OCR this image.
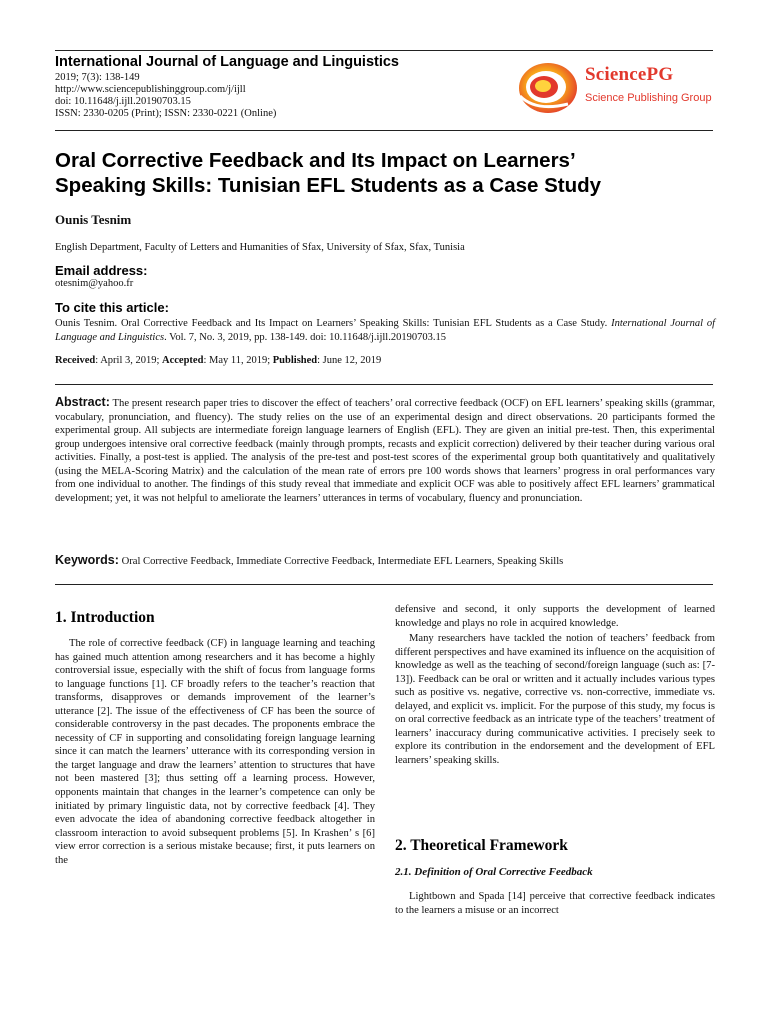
International Journal of Language and Linguistics
2019; 7(3): 138-149
http://www.sciencepublishinggroup.com/j/ijll
doi: 10.11648/j.ijll.20190703.15
ISSN: 2330-0205 (Print); ISSN: 2330-0221 (Online)
SciencePG
Science Publishing Group
Oral Corrective Feedback and Its Impact on Learners’
Speaking Skills: Tunisian EFL Students as a Case Study
Ounis Tesnim
English Department, Faculty of Letters and Humanities of Sfax, University of Sfax, Sfax, Tunisia
Email address:
otesnim@yahoo.fr
To cite this article:
Ounis Tesnim. Oral Corrective Feedback and Its Impact on Learners’ Speaking Skills: Tunisian EFL Students as a Case Study. International Journal of Language and Linguistics. Vol. 7, No. 3, 2019, pp. 138-149. doi: 10.11648/j.ijll.20190703.15
Received: April 3, 2019; Accepted: May 11, 2019; Published: June 12, 2019
Abstract: The present research paper tries to discover the effect of teachers’ oral corrective feedback (OCF) on EFL learners’ speaking skills (grammar, vocabulary, pronunciation, and fluency). The study relies on the use of an experimental design and direct observations. 20 participants formed the experimental group. All subjects are intermediate foreign language learners of English (EFL). They are given an initial pre-test. Then, this experimental group undergoes intensive oral corrective feedback (mainly through prompts, recasts and explicit correction) delivered by their teacher during various oral activities. Finally, a post-test is applied. The analysis of the pre-test and post-test scores of the experimental group both quantitatively and qualitatively (using the MELA-Scoring Matrix) and the calculation of the mean rate of errors pre 100 words shows that learners’ progress in oral performances vary from one individual to another. The findings of this study reveal that immediate and explicit OCF was able to positively affect EFL learners’ grammatical development; yet, it was not helpful to ameliorate the learners’ utterances in terms of vocabulary, fluency and pronunciation.
Keywords: Oral Corrective Feedback, Immediate Corrective Feedback, Intermediate EFL Learners, Speaking Skills
1. Introduction

The role of corrective feedback (CF) in language learning and teaching has gained much attention among researchers and it has become a highly controversial issue, especially with the shift of focus from language forms to language functions [1]. CF broadly refers to the teacher’s reaction that transforms, disapproves or demands improvement of the learner’s utterance [2]. The issue of the effectiveness of CF has been the source of considerable controversy in the past decades. The proponents embrace the necessity of CF in supporting and consolidating foreign language learning since it can match the learners’ utterance with its corresponding version in the target language and draw the learners’ attention to structures that have not been mastered [3]; thus setting off a learning process. However, opponents maintain that changes in the learner’s competence can only be initiated by primary linguistic data, not by corrective feedback [4]. They even advocate the idea of abandoning corrective feedback altogether in classroom interaction to avoid subsequent problems [5]. In Krashen’ s [6] view error correction is a serious mistake because; first, it puts learners on the

defensive and second, it only supports the development of learned knowledge and plays no role in acquired knowledge.

Many researchers have tackled the notion of teachers’ feedback from different perspectives and have examined its influence on the acquisition of knowledge as well as the teaching of second/foreign language (such as: [7-13]). Feedback can be oral or written and it actually includes various types such as positive vs. negative, corrective vs. non-corrective, immediate vs. delayed, and explicit vs. implicit. For the purpose of this study, my focus is on oral corrective feedback as an intricate type of the teachers’ treatment of learners’ inaccuracy during communicative activities. I precisely seek to explore its contribution in the endorsement and the development of EFL learners’ speaking skills.

2. Theoretical Framework
2.1. Definition of Oral Corrective Feedback

Lightbown and Spada [14] perceive that corrective feedback indicates to the learners a misuse or an incorrect
